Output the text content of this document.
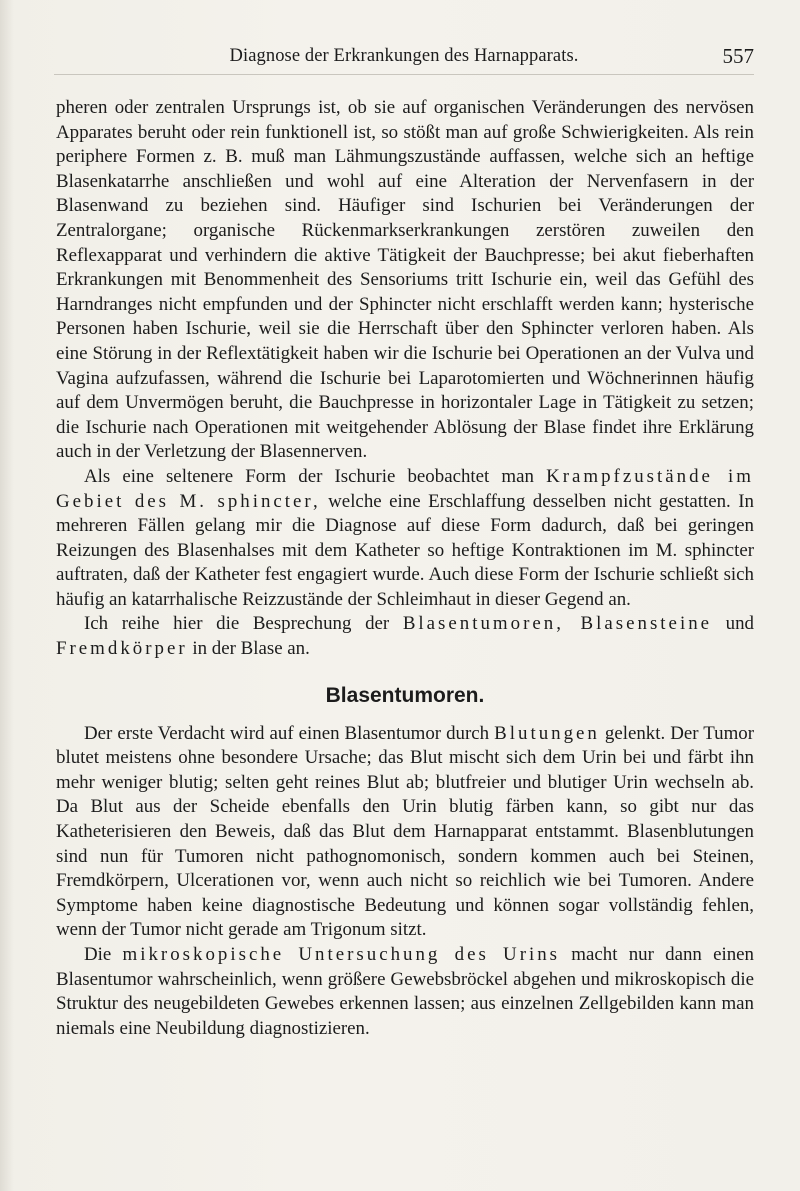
Diagnose der Erkrankungen des Harnapparats.	557

pheren oder zentralen Ursprungs ist, ob sie auf organischen Veränderungen des nervösen Apparates beruht oder rein funktionell ist, so stößt man auf große Schwierigkeiten. Als rein periphere Formen z. B. muß man Lähmungszustände auffassen, welche sich an heftige Blasenkatarrhe anschließen und wohl auf eine Alteration der Nervenfasern in der Blasenwand zu beziehen sind. Häufiger sind Ischurien bei Veränderungen der Zentralorgane; organische Rückenmarkserkrankungen zerstören zuweilen den Reflexapparat und verhindern die aktive Tätigkeit der Bauchpresse; bei akut fieberhaften Erkrankungen mit Benommenheit des Sensoriums tritt Ischurie ein, weil das Gefühl des Harndranges nicht empfunden und der Sphincter nicht erschlafft werden kann; hysterische Personen haben Ischurie, weil sie die Herrschaft über den Sphincter verloren haben. Als eine Störung in der Reflextätigkeit haben wir die Ischurie bei Operationen an der Vulva und Vagina aufzufassen, während die Ischurie bei Laparotomierten und Wöchnerinnen häufig auf dem Unvermögen beruht, die Bauchpresse in horizontaler Lage in Tätigkeit zu setzen; die Ischurie nach Operationen mit weitgehender Ablösung der Blase findet ihre Erklärung auch in der Verletzung der Blasennerven.

Als eine seltenere Form der Ischurie beobachtet man Krampfzustände im Gebiet des M. sphincter, welche eine Erschlaffung desselben nicht gestatten. In mehreren Fällen gelang mir die Diagnose auf diese Form dadurch, daß bei geringen Reizungen des Blasenhalses mit dem Katheter so heftige Kontraktionen im M. sphincter auftraten, daß der Katheter fest engagiert wurde. Auch diese Form der Ischurie schließt sich häufig an katarrhalische Reizzustände der Schleimhaut in dieser Gegend an.

Ich reihe hier die Besprechung der Blasentumoren, Blasensteine und Fremdkörper in der Blase an.

Blasentumoren.

Der erste Verdacht wird auf einen Blasentumor durch Blutungen gelenkt. Der Tumor blutet meistens ohne besondere Ursache; das Blut mischt sich dem Urin bei und färbt ihn mehr weniger blutig; selten geht reines Blut ab; blutfreier und blutiger Urin wechseln ab. Da Blut aus der Scheide ebenfalls den Urin blutig färben kann, so gibt nur das Katheterisieren den Beweis, daß das Blut dem Harnapparat entstammt. Blasenblutungen sind nun für Tumoren nicht pathognomonisch, sondern kommen auch bei Steinen, Fremdkörpern, Ulcerationen vor, wenn auch nicht so reichlich wie bei Tumoren. Andere Symptome haben keine diagnostische Bedeutung und können sogar vollständig fehlen, wenn der Tumor nicht gerade am Trigonum sitzt.

Die mikroskopische Untersuchung des Urins macht nur dann einen Blasentumor wahrscheinlich, wenn größere Gewebsbröckel abgehen und mikroskopisch die Struktur des neugebildeten Gewebes erkennen lassen; aus einzelnen Zellgebilden kann man niemals eine Neubildung diagnostizieren.
